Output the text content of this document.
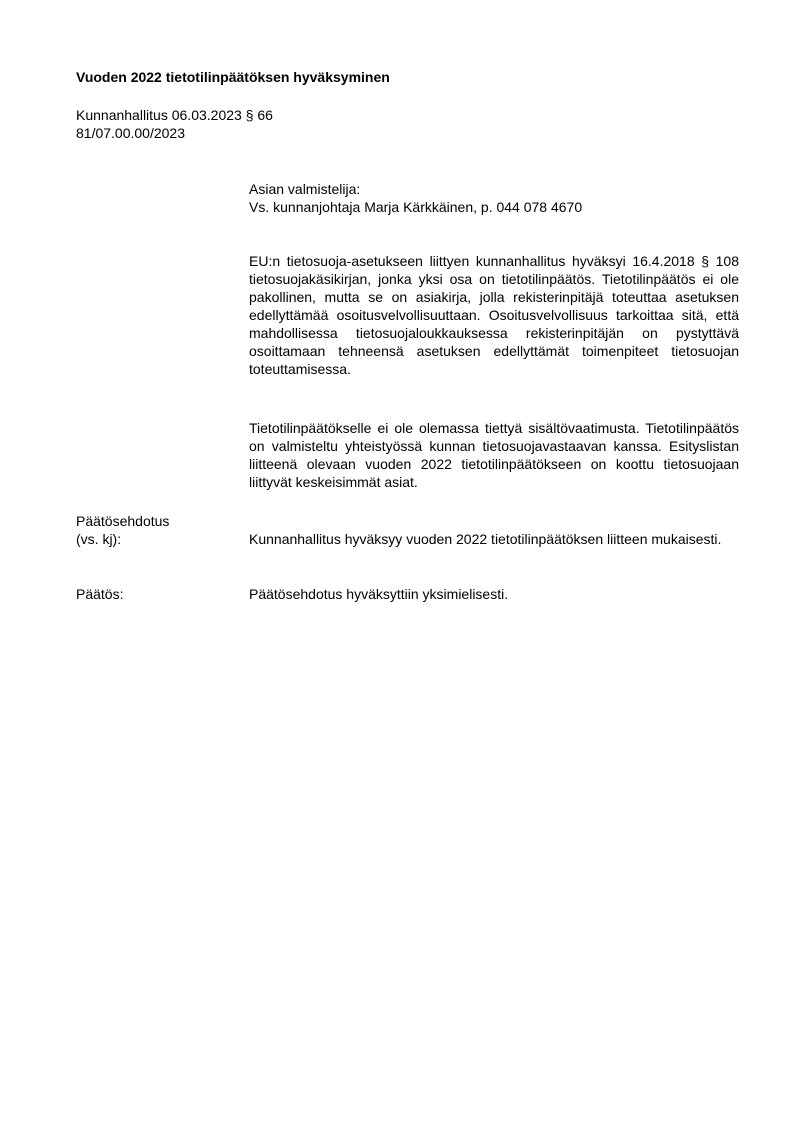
Vuoden 2022 tietotilinpäätöksen hyväksyminen
Kunnanhallitus 06.03.2023 § 66
81/07.00.00/2023
Asian valmistelija:
Vs. kunnanjohtaja Marja Kärkkäinen, p. 044 078 4670

EU:n tietosuoja-asetukseen liittyen kunnanhallitus hyväksyi 16.4.2018 § 108 tietosuojakäsikirjan, jonka yksi osa on tietotilinpäätös. Tietotilinpäätös ei ole pakollinen, mutta se on asiakirja, jolla rekisterinpitäjä toteuttaa asetuksen edellyttämää osoitusvelvollisuuttaan. Osoitusvelvollisuus tarkoittaa sitä, että mahdollisessa tietosuojaloukkauksessa rekisterinpitäjän on pystyttävä osoittamaan tehneensä asetuksen edellyttämät toimenpiteet tietosuojan toteuttamisessa.

Tietotilinpäätökselle ei ole olemassa tiettyä sisältövaatimusta. Tietotilinpäätös on valmisteltu yhteistyössä kunnan tietosuojavastaavan kanssa. Esityslistan liitteenä olevaan vuoden 2022 tietotilinpäätökseen on koottu tietosuojaan liittyvät keskeisimmät asiat.

Päätösehdotus
(vs. kj):	Kunnanhallitus hyväksyy vuoden 2022 tietotilinpäätöksen liitteen mukaisesti.

Päätös:	Päätösehdotus hyväksyttiin yksimielisesti.
